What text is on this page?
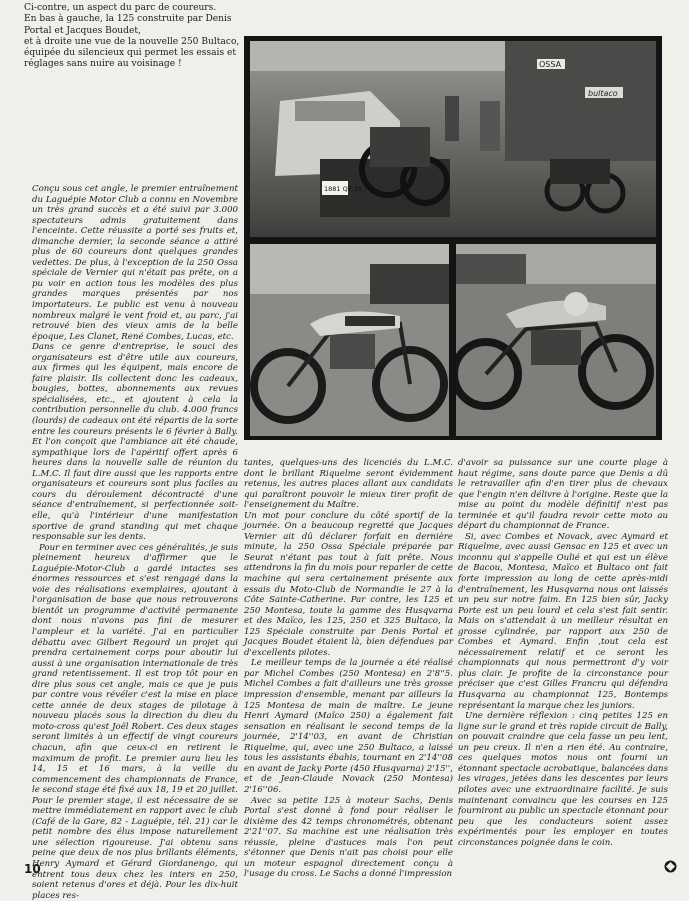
Ci-contre, un aspect du parc de coureurs.

En bas à gauche, la 125 construite par Denis Portal et Jacques Boudet,

et à droite une vue de la nouvelle 250 Bultaco, équipée du silencieux qui permet les essais et réglages sans nuire au voisinage !	OSSA
bultaco
1881 QT 31

Conçu sous cet angle, le premier entraînement du Laguépie Motor Club a connu en Novembre un très grand succès et a été suivi par 3.000 spectateurs admis gratuitement dans l'enceinte. Cette réussite a porté ses fruits et, dimanche dernier, la seconde séance a attiré plus de 60 coureurs dont quelques grandes vedettes. De plus, à l'exception de la 250 Ossa spéciale de Vernier qui n'était pas prête, on a pu voir en action tous les modèles des plus grandes marques présentés par nos importateurs. Le public est venu à nouveau nombreux malgré le vent froid et, au parc, j'ai retrouvé bien des vieux amis de la belle époque, Les Clanet, René Combes, Lucas, etc.

Dans ce genre d'entreprise, le souci des organisateurs est d'être utile aux coureurs, aux firmes qui les équipent, mais encore de faire plaisir. Ils collectent donc les cadeaux, bougies, bottes, abonnements aux revues spécialisées, etc., et ajoutent à cela la contribution personnelle du club. 4.000 francs (lourds) de cadeaux ont été répartis de la sorte entre les coureurs présents le 6 février à Bally. Et l'on conçoit que l'ambiance ait été chaude, sympathique lors de l'apéritif offert après 6 heures dans la nouvelle salle de réunion du L.M.C. Il faut dire aussi que les rapports entre organisateurs et coureurs sont plus faciles au cours du déroulement décontracté d'une séance d'entraînement, si perfectionnée soit-elle, qu'à l'intérieur d'une manifestation sportive de grand standing qui met chaque responsable sur les dents.

Pour en terminer avec ces généralités, je suis pleinement heureux d'affirmer que le Laguépie-Motor-Club a gardé intactes ses énormes ressources et s'est rengagé dans la voie des réalisations exemplaires, ajoutant à l'organisation de base que nous retrouverons bientôt un programme d'activité permanente dont nous n'avons pas fini de mesurer l'ampleur et la variété. J'ai en particulier débattu avec Gilbert Regourd un projet qui prendra certainement corps pour aboutir lui aussi à une organisation internationale de très grand retentissement. Il est trop tôt pour en dire plus sous cet angle, mais ce que je puis par contre vous révéler c'est la mise en place cette année de deux stages de pilotage à nouveau placés sous la direction du dieu du moto-cross qu'est Joël Robert. Ces deux stages seront limités à un effectif de vingt coureurs chacun, afin que ceux-ci en retirent le maximum de profit. Le premier aura lieu les 14, 15 et 16 mars, à la veille du commencement des championnats de France, le second stage été fixé aux 18, 19 et 20 juillet. Pour le premier stage, il est nécessaire de se mettre immédiatement en rapport avec le club (Café de la Gare, 82 - Laguépie, tél. 21) car le petit nombre des élus impose naturellement une sélection rigoureuse. J'ai obtenu sans peine que deux de nos plus brillants éléments, Henry Aymard et Gérard Giordanengo, qui entrent tous deux chez les inters en 250, soient retenus d'ores et déjà. Pour les dix-huit places res-

tantes, quelques-uns des licenciés du L.M.C. dont le brillant Riquelme seront évidemment retenus, les autres places allant aux candidats qui paraîtront pouvoir le mieux tirer profit de l'enseignement du Maître.

Un mot pour conclure du côté sportif de la journée. On a beaucoup regretté que Jacques Vernier ait dû déclarer forfait en dernière minute, la 250 Ossa Spéciale préparée par Seurat n'étant pas tout à fait prête. Nous attendrons la fin du mois pour reparler de cette machine qui sera certainement présente aux essais du Moto-Club de Normandie le 27 à la Côte Sainte-Catherine. Par contre, les 125 et 250 Montesa, toute la gamme des Husqvarna et des Maïco, les 125, 250 et 325 Bultaco, la 125 Spéciale construite par Denis Portal et Jacques Boudet étaient là, bien défendues par d'excellents pilotes.

Le meilleur temps de la journée a été réalisé par Michel Combes (250 Montesa) en 2'8''5. Michel Combes a fait d'ailleurs une très grosse impression d'ensemble, menant par ailleurs la 125 Montesa de main de maître. Le jeune Henri Aymard (Maïco 250) a également fait sensation en réalisant le second temps de la journée, 2'14''03, en avant de Christian Riquelme, qui, avec une 250 Bultaco, a laissé tous les assistants ébahis, tournant en 2'14''08 en avant de Jacky Porte (450 Husqvarna) 2'15'', et de Jean-Claude Novack (250 Montesa) 2'16''06.

Avec sa petite 125 à moteur Sachs, Denis Portal s'est donné à fond pour réaliser le dixième des 42 temps chronométrés, obtenant 2'21''07. Sa machine est une réalisation très réussie, pleine d'astuces mais l'on peut s'étonner que Denis n'ait pas choisi pour elle un moteur espagnol directement conçu à l'usage du cross. Le Sachs a donné l'impression

d'avoir sa puissance sur une courte plage à haut régime, sans doute parce que Denis a dû le retravailler afin d'en tirer plus de chevaux que l'engin n'en délivre à l'origine. Reste que la mise au point du modèle définitif n'est pas terminée et qu'il faudra revoir cette moto au départ du championnat de France.

Si, avec Combes et Novack, avec Aymard et Riquelme, avec aussi Gensac en 125 et avec un inconnu qui s'appelle Oulié et qui est un élève de Bacou, Montesa, Maïco et Bultaco ont fait forte impression au long de cette après-midi d'entraînement, les Husqvarna nous ont laissés un peu sur notre faim. En 125 bien sûr, Jacky Porte est un peu lourd et cela s'est fait sentir. Mais on s'attendait à un meilleur résultat en grosse cylindrée, par rapport aux 250 de Combes et Aymard. Enfin ,tout cela est nécessairement relatif et ce seront les championnats qui nous permettront d'y voir plus clair. Je profite de la circonstance pour préciser que c'est Gilles Francru qui défendra Husqvarna au championnat 125, Bontemps représentant la marque chez les juniors.

Une dernière réflexion : cinq petites 125 en ligne sur le grand et très rapide circuit de Bally, on pouvait craindre que cela fasse un peu lent, un peu creux. Il n'en a rien été. Au contraire, ces quelques motos nous ont fourni un étonnant spectacle acrobatique, balancées dans les virages, jetées dans les descentes par leurs pilotes avec une extraordinaire facilité. Je suis maintenant convaincu que les courses en 125 fourniront au public un spectacle étonnant pour peu que les conducteurs soient assez expérimentés pour les employer en toutes circonstances poignée dans le coin.

10
